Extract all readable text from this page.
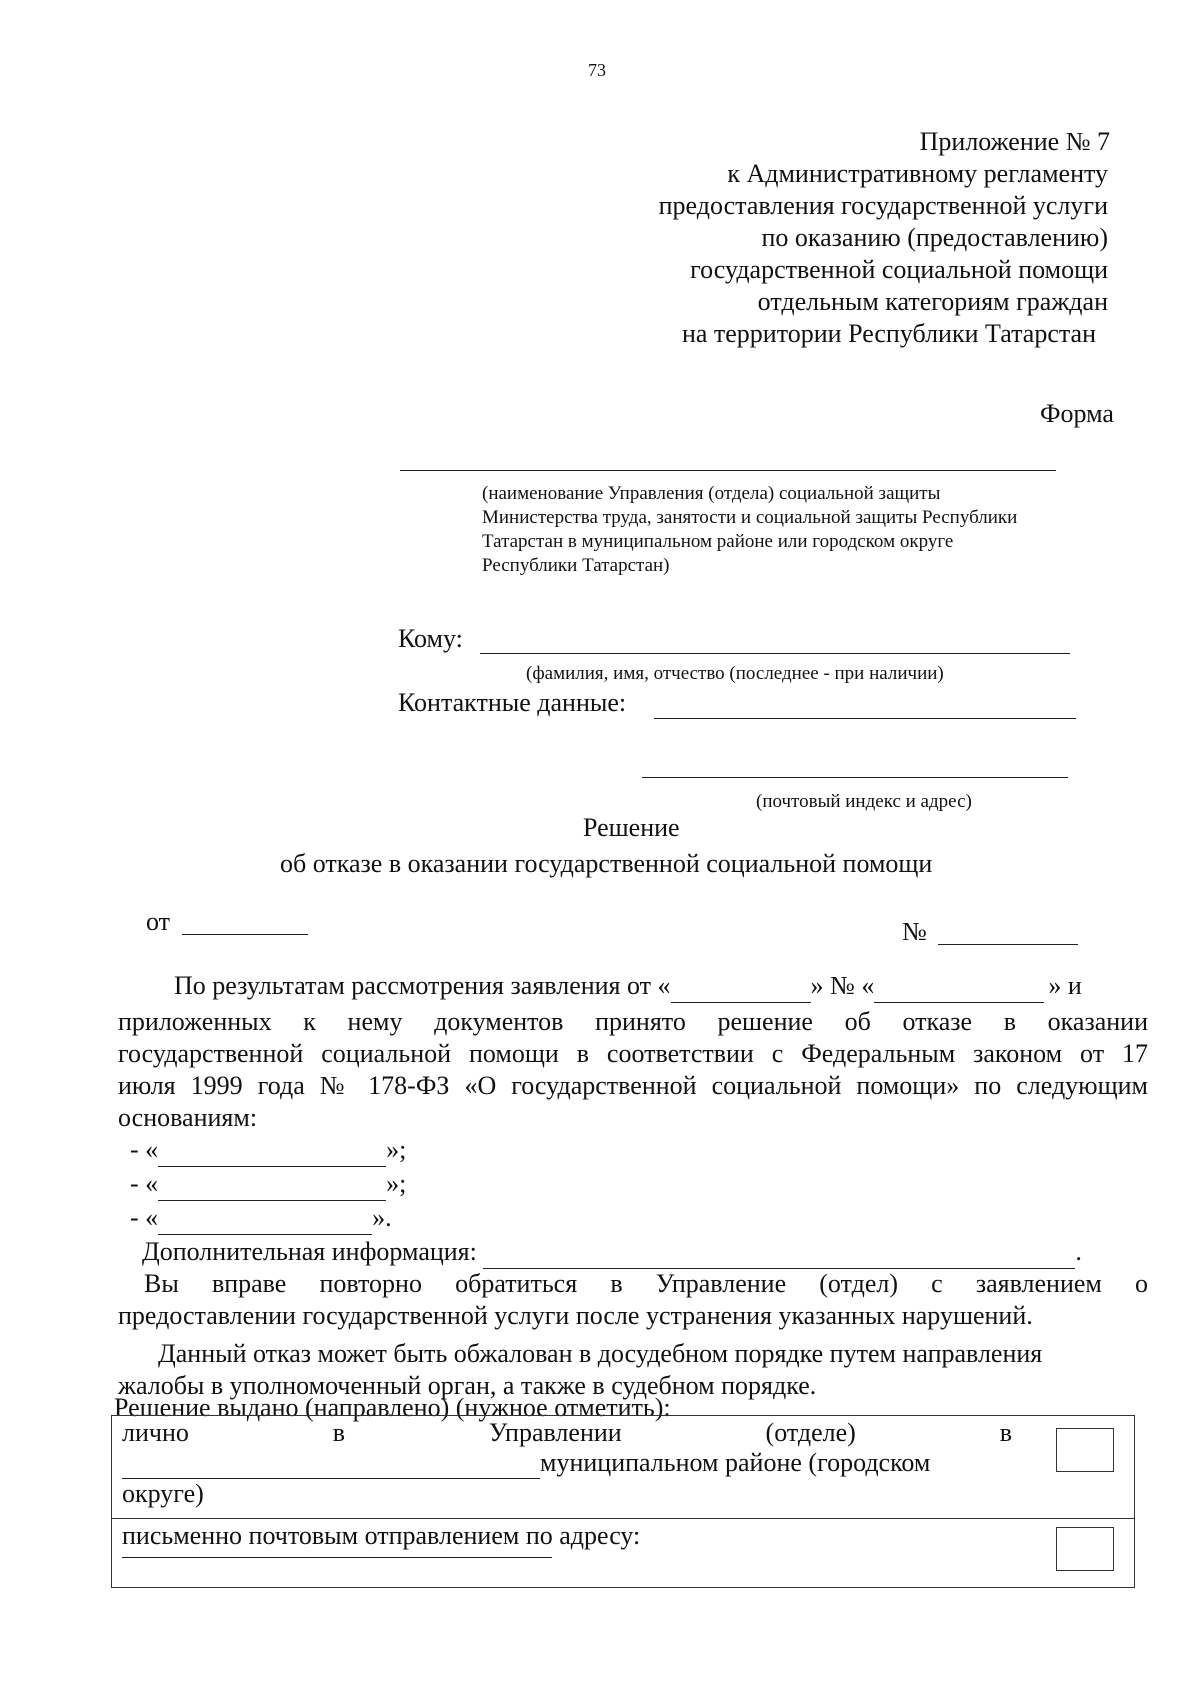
73
Приложение № 7
к Административному регламенту
предоставления государственной услуги
по оказанию (предоставлению)
государственной социальной помощи
отдельным категориям граждан
на территории Республики Татарстан
Форма
(наименование Управления (отдела) социальной защиты
Министерства труда, занятости и социальной защиты Республики
Татарстан в муниципальном районе или городском округе
Республики Татарстан)
Кому:
(фамилия, имя, отчество (последнее - при наличии)
Контактные данные:
(почтовый индекс и адрес)
Решение
об отказе в оказании государственной социальной помощи
от	№
По результатам рассмотрения заявления от «	» № «	» и
приложенных к нему документов принято решение об отказе в оказании
государственной социальной помощи в соответствии с Федеральным законом от 17
июля 1999 года № 178-ФЗ «О государственной социальной помощи» по следующим
основаниям:
- «	»;
- «	»;
- «	».
Дополнительная информация:	.
Вы вправе повторно обратиться в Управление (отдел) с заявлением о
предоставлении государственной услуги после устранения указанных нарушений.
Данный отказ может быть обжалован в досудебном порядке путем направления
жалобы в уполномоченный орган, а также в судебном порядке.
Решение выдано (направлено) (нужное отметить):
лично в Управлении (отделе) в
муниципальном районе (городском
округе)	

письменно почтовым отправлением по адресу:	
